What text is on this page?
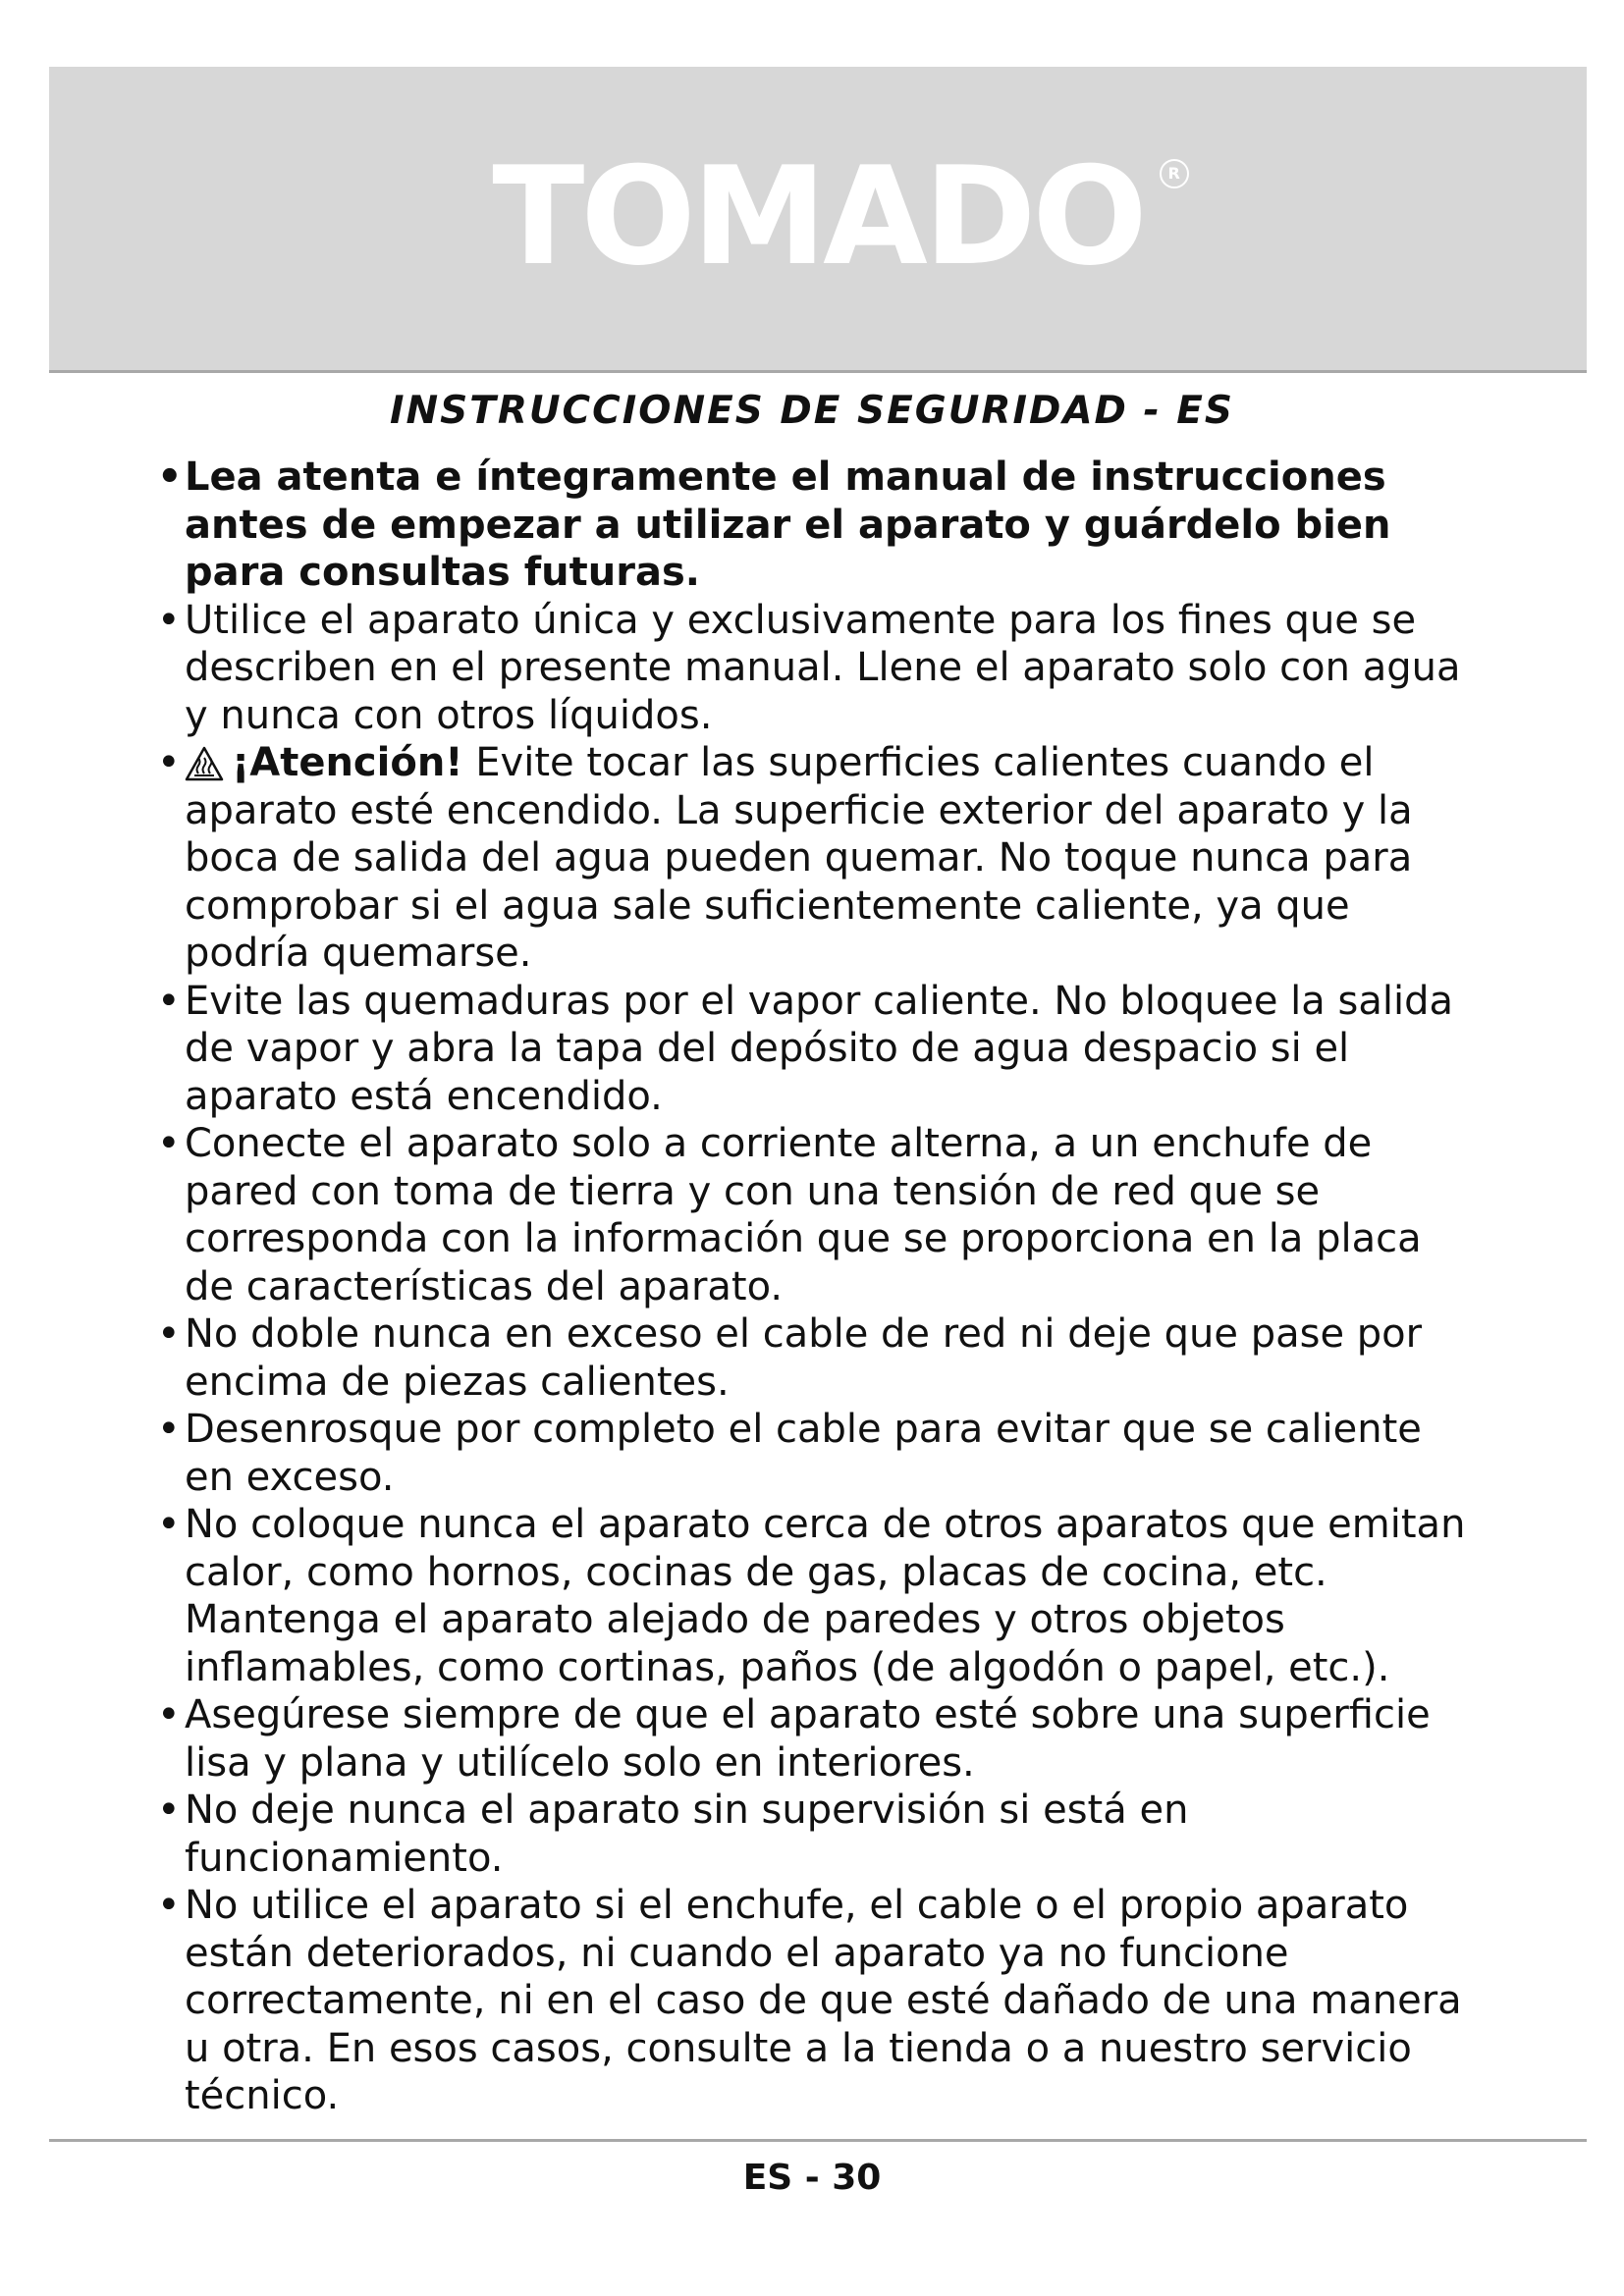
TOMADO	R
INSTRUCCIONES DE SEGURIDAD - ES
• Lea atenta e íntegramente el manual de instrucciones antes de empezar a utilizar el aparato y guárdelo bien para consultas futuras.
• Utilice el aparato única y exclusivamente para los fines que se describen en el presente manual. Llene el aparato solo con agua y nunca con otros líquidos.
• ¡Atención! Evite tocar las superficies calientes cuando el aparato esté encendido. La superficie exterior del aparato y la boca de salida del agua pueden quemar. No toque nunca para comprobar si el agua sale suficientemente caliente, ya que podría quemarse.
• Evite las quemaduras por el vapor caliente. No bloquee la salida de vapor y abra la tapa del depósito de agua despacio si el aparato está encendido.
• Conecte el aparato solo a corriente alterna, a un enchufe de pared con toma de tierra y con una tensión de red que se corresponda con la información que se proporciona en la placa de características del aparato.
• No doble nunca en exceso el cable de red ni deje que pase por encima de piezas calientes.
• Desenrosque por completo el cable para evitar que se caliente en exceso.
• No coloque nunca el aparato cerca de otros aparatos que emitan calor, como hornos, cocinas de gas, placas de cocina, etc. Mantenga el aparato alejado de paredes y otros objetos inflamables, como cortinas, paños (de algodón o papel, etc.).
• Asegúrese siempre de que el aparato esté sobre una superficie lisa y plana y utilícelo solo en interiores.
• No deje nunca el aparato sin supervisión si está en funcionamiento.
• No utilice el aparato si el enchufe, el cable o el propio aparato están deteriorados, ni cuando el aparato ya no funcione correctamente, ni en el caso de que esté dañado de una manera u otra. En esos casos, consulte a la tienda o a nuestro servicio técnico.
ES - 30
